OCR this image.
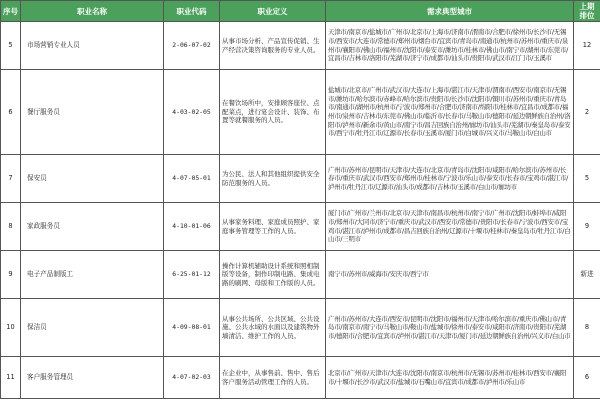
序号	职业名称	职业代码	职业定义	需求典型城市	上期排位
5	市场营销专业人员	2-06-07-02	从事市场分析、产品宣传促销、生产经营决策咨询服务的专业人员。	天津市/南京市/盐城市/广州市/北京市/上海市/济南市/渭南市/合肥市/徐州市/长沙市/无锡市/西安市/大连市/常德市/郑州市/烟台市/宜宾市/青岛市/南通市/杭州市/苏州市/重庆市/泉州市/襄阳市/佛山市/福州市/沈阳市/泰安市/潍坊市/桂林市/佛山市/南宁市/湖州市/东莞市/宜昌市/吉林市/洛阳市/芜湖市/济宁市/成都市/汕头市/贵阳市/武汉市/江门市/玉溪市	12
6	餐厅服务员	4-03-02-05	在餐饮场所中，安排顾客座位、点配菜点，进行宴会设计、装饰、布置等就餐服务的人员。	盐城市/北京市/广州市/武汉市/大连市/上海市/湛江市/天津市/渭南市/西安市/南京市/无锡市/潍坊市/哈尔滨市/赤峰市/哈尔滨市/贵阳市/长沙市/沈阳市/铜川市/苏州市/重庆市/青岛市/南通市/湖州市/杭州市/宁波市/郑州市/合肥市/济南市/绵阳市/桂林市/宜昌市/成都市/福州市/泉州市/吉林市/东莞市/佛山市/临沂市/长春市/马鞍山市/德阳市/延边朝鲜族自治州/洛阳市/泸州市/新余市/黄山市/南宁市/昌吉回族自治州/廊坊市/汕头市/芜湖市/秦皇岛市/泰安市/西宁市/牡丹江市/辽源市/长春市/玉溪市/厦门市/白城市/兴义市/马鞍山市/白山市	2
7	保安员	4-07-05-01	为公民、法人和其他组织提供安全防范服务的人员。	广州市/苏州市/昆明市/天津市/大连市/北京市/青岛市/沈阳市/咸阳市/哈尔滨市/苏州市/长春市/重庆市/武汉市/西安市/郑州市/桂林市/宁波市/乐山市/泰安市/长春市/宝鸡市/湛江市/泸州市/牡丹江市/辽源市/汕头市/成都市/吉林市/玉溪市/白山市/廊坊市	5
8	家政服务员	4-10-01-06	从事家务料理、家庭成员照护、家庭事务管理等工作的人员。	厦门市/广州市/兰州市/北京市/天津市/南昌市/杭州市/南宁市/广州市/沈阳市/蚌埠市/咸阳市/郑州市/大同市/济宁市/重庆市/武汉市/西安市/常德市/贵阳市/长春市/宁波市/西安市/宝鸡市/湛江市/泸州市/成都市/昌吉回族自治州/辽源市/十堰市/桂林市/秦皇岛市/牡丹江市/白山市/三明市	9
9	电子产品制版工	6-25-01-12	操作计算机辅助设计系统和照相制版等设备，制作印制电路、集成电路的刷网、母版和工作版的人员。	南宁市/苏州市/威海市/安庆市/西宁市	新进
10	保洁员	4-09-08-01	从事公共场所、公共区域、公共设施、公共水域的水面以及建筑物外墙清洁、维护工作的人员。	广州市/苏州市/大连市/西安市/昆明市/沈阳市/福州市/天津市/哈尔滨市/重庆市/佛山市/青岛市/南京市/南宁市/马鞍山市/鞍山市/盐城市/徐州市/泰安市/咸阳市/济南市/贵阳市/芜湖市/德阳市/合肥市/宜宾市/泸州市/湛江市/天津市/厦门市/延边朝鲜族自治州/兴义市/白山市	8
11	客户服务管理员	4-07-02-03	在企业中，从事售前、售中、售后客户服务活动管理工作的人员。	北京市/广州市/天津市/大连市/沈阳市/南京市/杭州市/无锡市/苏州市/桂林市/西安市/襄阳市/十堰市/长沙市/武汉市/盐城市/石嘴山市/宜宾市/成都市/泸州市/乐山市	6
